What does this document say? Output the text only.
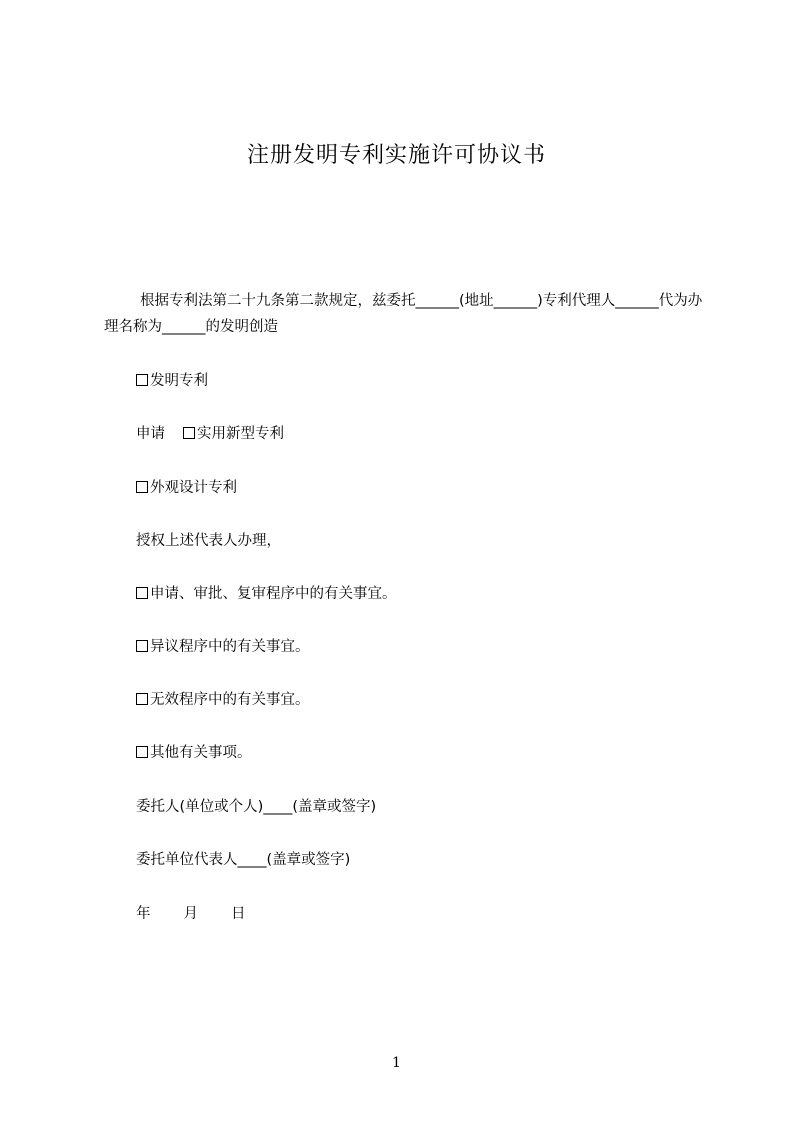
注册发明专利实施许可协议书

根据专利法第二十九条第二款规定，兹委托______(地址______)专利代理人______代为办理名称为______的发明创造

发明专利
申请 实用新型专利
外观设计专利
授权上述代表人办理，
申请、审批、复审程序中的有关事宜。
异议程序中的有关事宜。
无效程序中的有关事宜。
其他有关事项。
委托人(单位或个人)____(盖章或签字)
委托单位代表人____(盖章或签字)
年 月 日
1
